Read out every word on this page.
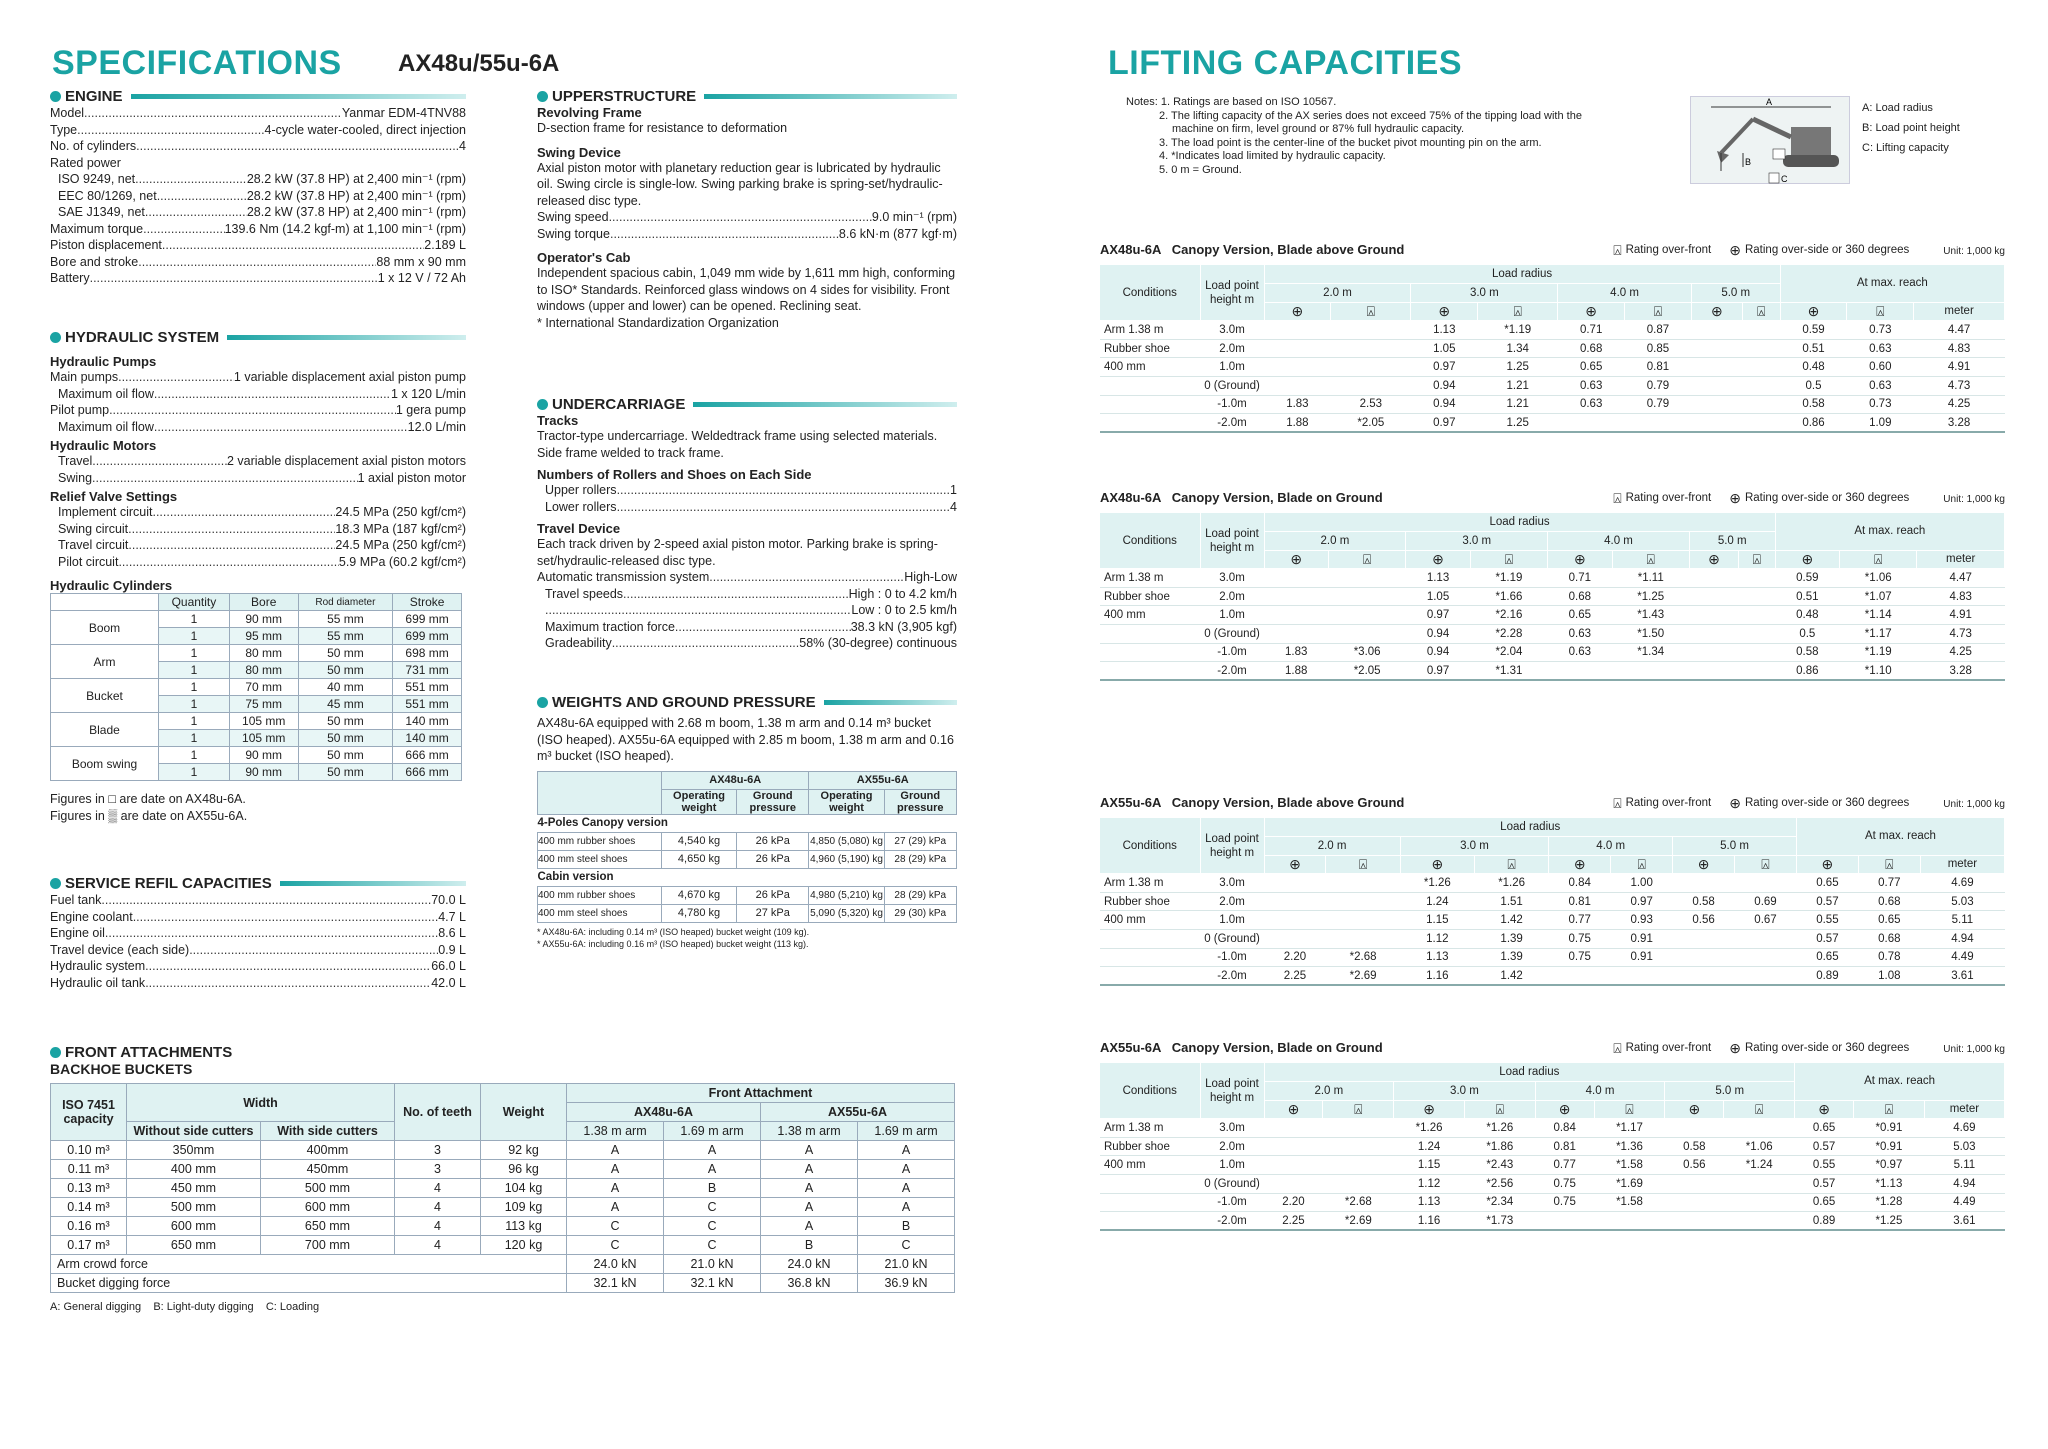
SPECIFICATIONS AX48u/55u-6A	LIFTING CAPACITIES
ENGINE
Model .....	Yanmar EDM-4TNV88
Type .....	4-cycle water-cooled, direct injection
No. of cylinders .....	4
Rated power
ISO 9249, net .....	28.2 kW (37.8 HP) at 2,400 min⁻¹ (rpm)
EEC 80/1269, net .....	28.2 kW (37.8 HP) at 2,400 min⁻¹ (rpm)
SAE J1349, net .....	28.2 kW (37.8 HP) at 2,400 min⁻¹ (rpm)
Maximum torque .....	139.6 Nm (14.2 kgf-m) at 1,100 min⁻¹ (rpm)
Piston displacement .....	2.189 L
Bore and stroke .....	88 mm x 90 mm
Battery .....	1 x 12 V / 72 Ah
HYDRAULIC SYSTEM
Hydraulic Pumps
Main pumps .....	1 variable displacement axial piston pump
Maximum oil flow .....	1 x 120 L/min
Pilot pump .....	1 gera pump
Maximum oil flow .....	12.0 L/min
Hydraulic Motors
Travel .....	2 variable displacement axial piston motors
Swing .....	1 axial piston motor
Relief Valve Settings
Implement circuit .....	24.5 MPa (250 kgf/cm²)
Swing circuit .....	18.3 MPa (187 kgf/cm²)
Travel circuit .....	24.5 MPa (250 kgf/cm²)
Pilot circuit .....	5.9 MPa (60.2 kgf/cm²)
Hydraulic Cylinders
	Quantity	Bore	Rod diameter	Stroke
Boom	1	90 mm	55 mm	699 mm
	1	95 mm	55 mm	699 mm
Arm	1	80 mm	50 mm	698 mm
	1	80 mm	50 mm	731 mm
Bucket	1	70 mm	40 mm	551 mm
	1	75 mm	45 mm	551 mm
Blade	1	105 mm	50 mm	140 mm
	1	105 mm	50 mm	140 mm
Boom swing	1	90 mm	50 mm	666 mm
	1	90 mm	50 mm	666 mm
Figures in □ are date on AX48u-6A.
Figures in ▒ are date on AX55u-6A.
SERVICE REFIL CAPACITIES
Fuel tank .....	70.0 L
Engine coolant .....	4.7 L
Engine oil .....	8.6 L
Travel device (each side) .....	0.9 L
Hydraulic system .....	66.0 L
Hydraulic oil tank .....	42.0 L
UPPERSTRUCTURE
Revolving Frame
D-section frame for resistance to deformation
Swing Device
Axial piston motor with planetary reduction gear is lubricated by hydraulic oil. Swing circle is single-low. Swing parking brake is spring-set/hydraulic-released disc type.
Swing speed .....	9.0 min⁻¹ (rpm)
Swing torque .....	8.6 kN·m (877 kgf·m)
Operator's Cab
Independent spacious cabin, 1,049 mm wide by 1,611 mm high, conforming to ISO* Standards. Reinforced glass windows on 4 sides for visibility. Front windows (upper and lower) can be opened. Reclining seat.
* International Standardization Organization
UNDERCARRIAGE
Tracks
Tractor-type undercarriage. Weldedtrack frame using selected materials. Side frame welded to track frame.
Numbers of Rollers and Shoes on Each Side
Upper rollers .....	1
Lower rollers .....	4
Travel Device
Each track driven by 2-speed axial piston motor. Parking brake is spring-set/hydraulic-released disc type.
Automatic transmission system .....	High-Low
Travel speeds .....	High : 0 to 4.2 km/h
.....
Low : 0 to 2.5 km/h
Maximum traction force .....	38.3 kN (3,905 kgf)
Gradeability .....	58% (30-degree) continuous
WEIGHTS AND GROUND PRESSURE
AX48u-6A equipped with 2.68 m boom, 1.38 m arm and 0.14 m³ bucket (ISO heaped). AX55u-6A equipped with 2.85 m boom, 1.38 m arm and 0.16 m³ bucket (ISO heaped).
	AX48u-6A		AX55u-6A	
	Operating weight	Ground pressure	Operating weight	Ground pressure
4-Poles Canopy version				
400 mm rubber shoes	4,540 kg	26 kPa	4,850 (5,080) kg	27 (29) kPa
400 mm steel shoes	4,650 kg	26 kPa	4,960 (5,190) kg	28 (29) kPa
Cabin version				
400 mm rubber shoes	4,670 kg	26 kPa	4,980 (5,210) kg	28 (29) kPa
400 mm steel shoes	4,780 kg	27 kPa	5,090 (5,320) kg	29 (30) kPa
* AX48u-6A: including 0.14 m³ (ISO heaped) bucket weight (109 kg).
* AX55u-6A: including 0.16 m³ (ISO heaped) bucket weight (113 kg).
FRONT ATTACHMENTS
BACKHOE BUCKETS
ISO 7451 capacity	Width		No. of teeth	Weight	Front Attachment			
					AX48u-6A		AX55u-6A	
	Without side cutters	With side cutters			1.38 m arm	1.69 m arm	1.38 m arm	1.69 m arm
0.10 m³	350mm	400mm	3	92 kg	A	A	A	A
0.11 m³	400 mm	450mm	3	96 kg	A	A	A	A
0.13 m³	450 mm	500 mm	4	104 kg	A	B	A	A
0.14 m³	500 mm	600 mm	4	109 kg	A	C	A	A
0.16 m³	600 mm	650 mm	4	113 kg	C	C	A	B
0.17 m³	650 mm	700 mm	4	120 kg	C	C	B	C
Arm crowd force					24.0 kN	21.0 kN	24.0 kN	21.0 kN
Bucket digging force					32.1 kN	32.1 kN	36.8 kN	36.9 kN
A: General digging    B: Light-duty digging    C: Loading
Notes: 1. Ratings are based on ISO 10567.
2. The lifting capacity of the AX series does not exceed 75% of the tipping load with the
machine on firm, level ground or 87% full hydraulic capacity.
3. The load point is the center-line of the bucket pivot mounting pin on the arm.
4. *Indicates load limited by hydraulic capacity.
5. 0 m = Ground.
A
B
C
A: Load radius
B: Load point height
C: Lifting capacity
AX48u-6A   Canopy Version, Blade above Ground	⍓ Rating over-front ⊕ Rating over-side or 360 degrees	Unit: 1,000 kg
Conditions	Load point height m	Load radius								At max. reach		
		2.0 m		3.0 m		4.0 m		5.0 m				
		⊕	⍓	⊕	⍓	⊕	⍓	⊕	⍓	⊕	⍓	meter
Arm 1.38 m	3.0m			1.13	*1.19	0.71	0.87			0.59	0.73	4.47
Rubber shoe	2.0m			1.05	1.34	0.68	0.85			0.51	0.63	4.83
400 mm	1.0m			0.97	1.25	0.65	0.81			0.48	0.60	4.91
	0 (Ground)			0.94	1.21	0.63	0.79			0.5	0.63	4.73
	-1.0m	1.83	2.53	0.94	1.21	0.63	0.79			0.58	0.73	4.25
	-2.0m	1.88	*2.05	0.97	1.25					0.86	1.09	3.28
AX48u-6A   Canopy Version, Blade on Ground	⍓ Rating over-front ⊕ Rating over-side or 360 degrees	Unit: 1,000 kg
Conditions	Load point height m	Load radius								At max. reach		
		2.0 m		3.0 m		4.0 m		5.0 m				
		⊕	⍓	⊕	⍓	⊕	⍓	⊕	⍓	⊕	⍓	meter
Arm 1.38 m	3.0m			1.13	*1.19	0.71	*1.11			0.59	*1.06	4.47
Rubber shoe	2.0m			1.05	*1.66	0.68	*1.25			0.51	*1.07	4.83
400 mm	1.0m			0.97	*2.16	0.65	*1.43			0.48	*1.14	4.91
	0 (Ground)			0.94	*2.28	0.63	*1.50			0.5	*1.17	4.73
	-1.0m	1.83	*3.06	0.94	*2.04	0.63	*1.34			0.58	*1.19	4.25
	-2.0m	1.88	*2.05	0.97	*1.31					0.86	*1.10	3.28
AX55u-6A   Canopy Version, Blade above Ground	⍓ Rating over-front ⊕ Rating over-side or 360 degrees	Unit: 1,000 kg
Conditions	Load point height m	Load radius								At max. reach		
		2.0 m		3.0 m		4.0 m		5.0 m				
		⊕	⍓	⊕	⍓	⊕	⍓	⊕	⍓	⊕	⍓	meter
Arm 1.38 m	3.0m			*1.26	*1.26	0.84	1.00			0.65	0.77	4.69
Rubber shoe	2.0m			1.24	1.51	0.81	0.97	0.58	0.69	0.57	0.68	5.03
400 mm	1.0m			1.15	1.42	0.77	0.93	0.56	0.67	0.55	0.65	5.11
	0 (Ground)			1.12	1.39	0.75	0.91			0.57	0.68	4.94
	-1.0m	2.20	*2.68	1.13	1.39	0.75	0.91			0.65	0.78	4.49
	-2.0m	2.25	*2.69	1.16	1.42					0.89	1.08	3.61
AX55u-6A   Canopy Version, Blade on Ground	⍓ Rating over-front ⊕ Rating over-side or 360 degrees	Unit: 1,000 kg
Conditions	Load point height m	Load radius								At max. reach		
		2.0 m		3.0 m		4.0 m		5.0 m				
		⊕	⍓	⊕	⍓	⊕	⍓	⊕	⍓	⊕	⍓	meter
Arm 1.38 m	3.0m			*1.26	*1.26	0.84	*1.17			0.65	*0.91	4.69
Rubber shoe	2.0m			1.24	*1.86	0.81	*1.36	0.58	*1.06	0.57	*0.91	5.03
400 mm	1.0m			1.15	*2.43	0.77	*1.58	0.56	*1.24	0.55	*0.97	5.11
	0 (Ground)			1.12	*2.56	0.75	*1.69			0.57	*1.13	4.94
	-1.0m	2.20	*2.68	1.13	*2.34	0.75	*1.58			0.65	*1.28	4.49
	-2.0m	2.25	*2.69	1.16	*1.73					0.89	*1.25	3.61
